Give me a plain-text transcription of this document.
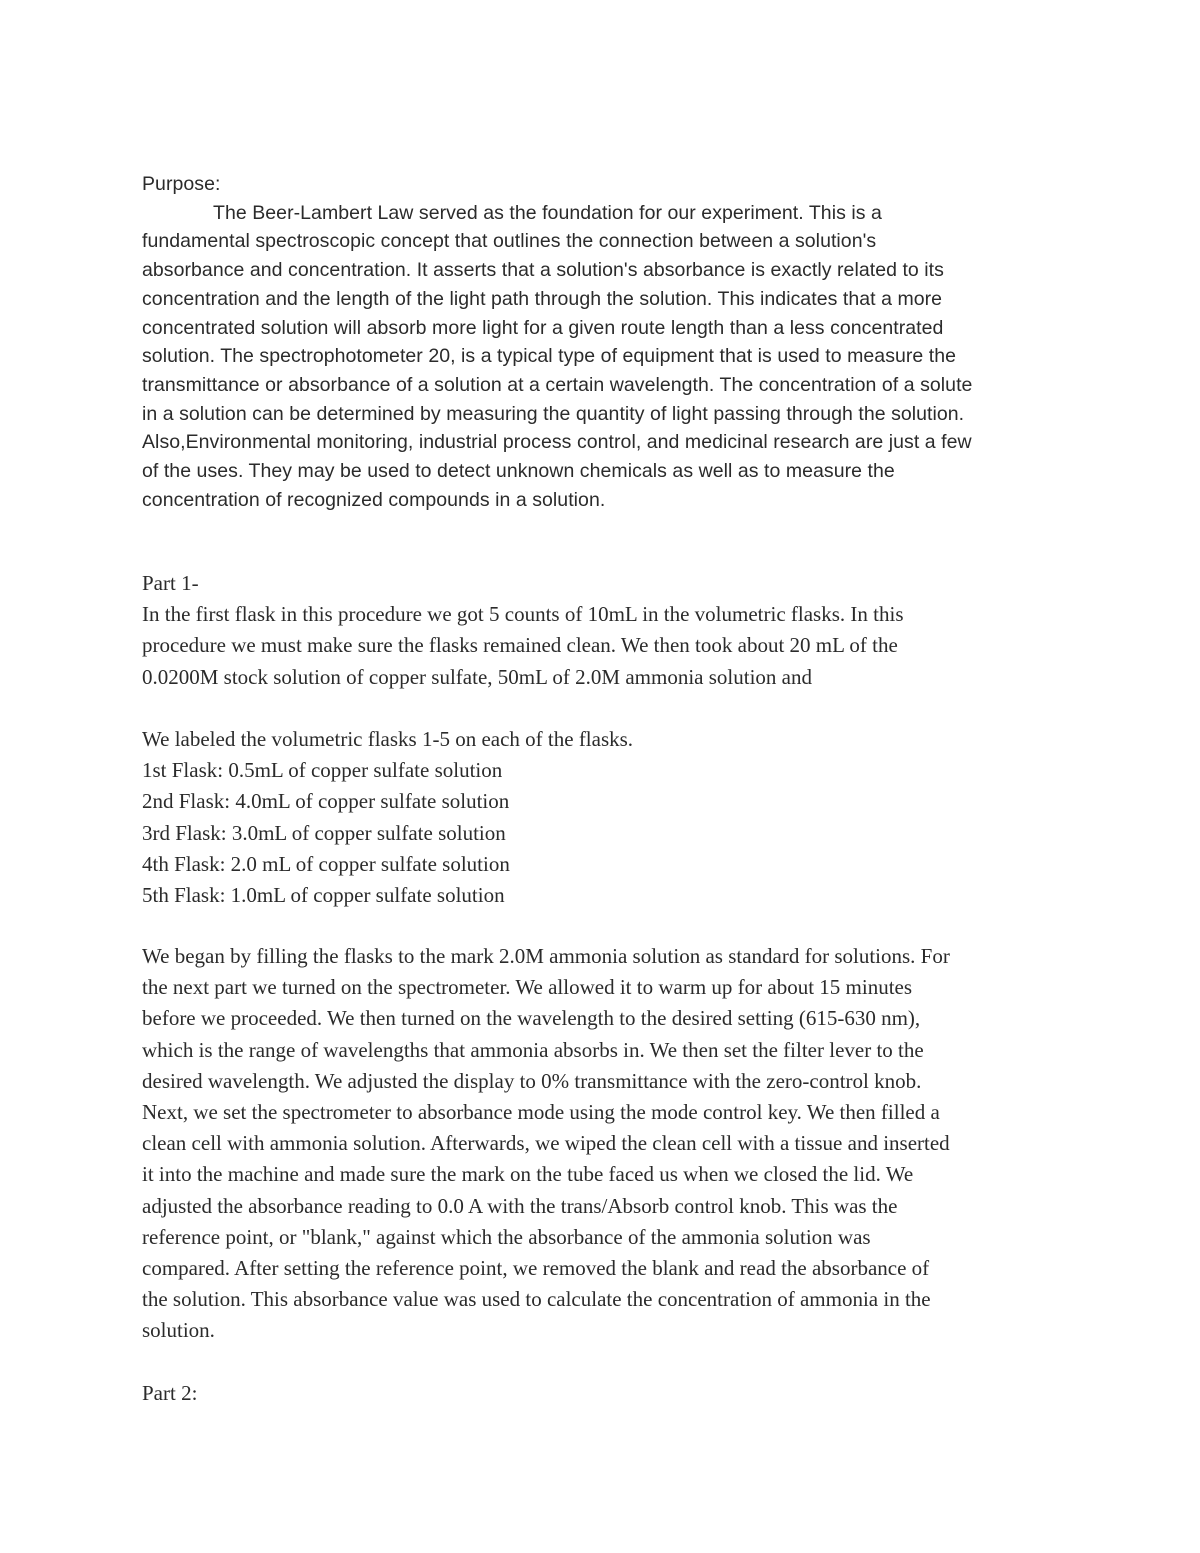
Purpose:
The Beer-Lambert Law served as the foundation for our experiment. This is a
fundamental spectroscopic concept that outlines the connection between a solution's
absorbance and concentration. It asserts that a solution's absorbance is exactly related to its
concentration and the length of the light path through the solution. This indicates that a more
concentrated solution will absorb more light for a given route length than a less concentrated
solution. The spectrophotometer 20, is a typical type of equipment that is used to measure the
transmittance or absorbance of a solution at a certain wavelength. The concentration of a solute
in a solution can be determined by measuring the quantity of light passing through the solution.
Also,Environmental monitoring, industrial process control, and medicinal research are just a few
of the uses. They may be used to detect unknown chemicals as well as to measure the
concentration of recognized compounds in a solution.
Part 1-
In the first flask in this procedure we got 5 counts of 10mL in the volumetric flasks. In this
procedure we must make sure the flasks remained clean. We then took about 20 mL of the
0.0200M stock solution of copper sulfate, 50mL of 2.0M ammonia solution and
We labeled the volumetric flasks 1-5 on each of the flasks.
1st Flask: 0.5mL of copper sulfate solution
2nd Flask: 4.0mL of copper sulfate solution
3rd Flask: 3.0mL of copper sulfate solution
4th Flask: 2.0 mL of copper sulfate solution
5th Flask: 1.0mL of copper sulfate solution
We began by filling the flasks to the mark 2.0M ammonia solution as standard for solutions. For
the next part we turned on the spectrometer. We allowed it to warm up for about 15 minutes
before we proceeded. We then turned on the wavelength to the desired setting (615-630 nm),
which is the range of wavelengths that ammonia absorbs in. We then set the filter lever to the
desired wavelength. We adjusted the display to 0% transmittance with the zero-control knob.
Next, we set the spectrometer to absorbance mode using the mode control key. We then filled a
clean cell with ammonia solution. Afterwards, we wiped the clean cell with a tissue and inserted
it into the machine and made sure the mark on the tube faced us when we closed the lid. We
adjusted the absorbance reading to 0.0 A with the trans/Absorb control knob. This was the
reference point, or "blank," against which the absorbance of the ammonia solution was
compared. After setting the reference point, we removed the blank and read the absorbance of
the solution. This absorbance value was used to calculate the concentration of ammonia in the
solution.
Part 2:
